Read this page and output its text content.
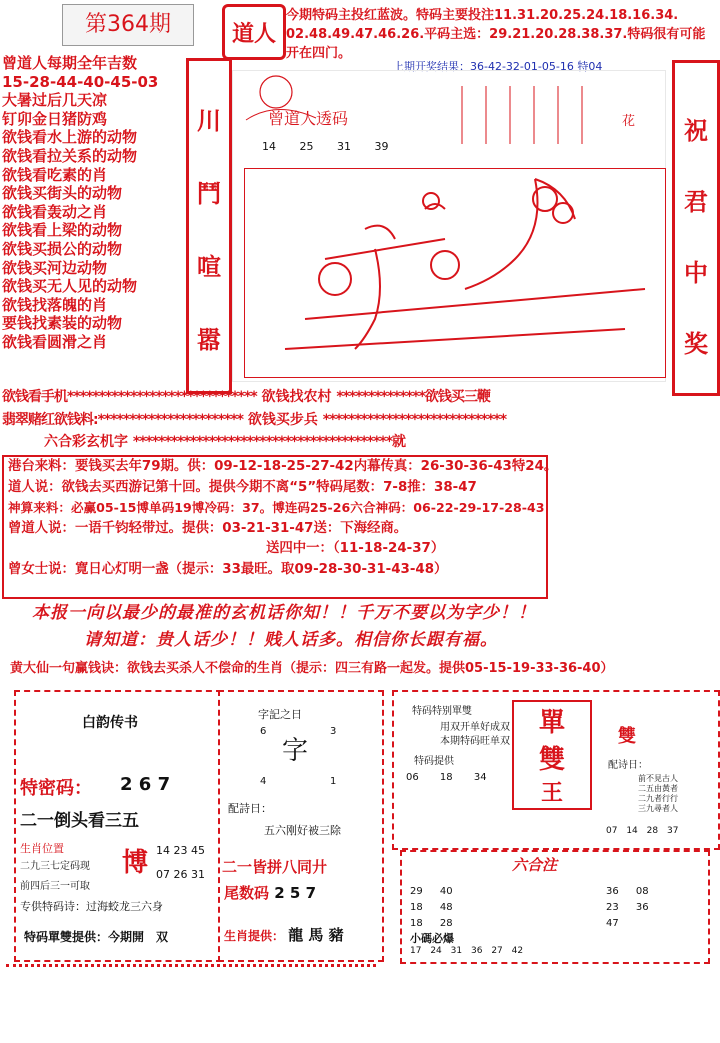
第364期	道人
今期特码主投红蓝波。特码主要投注11.31.20.25.24.18.16.34.
02.48.49.47.46.26.平码主选：29.21.20.28.38.37.特码很有可能
开在四门。
上期开奖结果：36-42-32-01-05-16 特04
曾道人每期全年吉数
15-28-44-40-45-03
大暑过后几天凉
钉卯金日猪防鸡
欲钱看水上游的动物
欲钱看拉关系的动物
欲钱看吃素的肖
欲钱买街头的动物
欲钱看轰动之肖
欲钱看上梁的动物
欲钱买损公的动物
欲钱买河边动物
欲钱买无人见的动物
欲钱找落魄的肖
要钱找素装的动物
欲钱看圆滑之肖
川
鬥
喧
嚣
祝
君
中
奖
曾道人透码
14 25 31 39
花
欲钱看手机****************************** 欲钱找农村 **************欲钱买三鞭
翡翠赌红欲钱料:*********************** 欲钱买步兵 *****************************
六合彩玄机字 *****************************************就
港台来料：要钱买去年79期。供：09-12-18-25-27-42内幕传真：26-30-36-43特24。
道人说：欲钱去买西游记第十回。提供今期不离“5”特码尾数：7-8推：38-47
神算来料：必赢05-15博单码19博冷码：37。博连码25-26六合神码：06-22-29-17-28-43
曾道人说：一语千钧轻带过。提供：03-21-31-47送：下海经商。
送四中一：（11-18-24-37）
曾女士说：寛日心灯明一盏（提示：33最旺。取09-28-30-31-43-48）
本报一向以最少的最准的玄机话你知！！千万不要以为字少！！
请知道：贵人话少！！贱人话多。相信你长跟有福。
黄大仙一句赢钱诀：欲钱去买杀人不偿命的生肖（提示：四三有路一起发。提供05-15-19-33-36-40）
白韵传书
特密码： 2 6 7
二一倒头看三五
生肖位置
二九三七定码现
前四后三一可取
博 14 23 45
07 26 31
专供特码诗：过海蛟龙三六身
特码單雙提供：今期開　双
字記之日
字
6	3
4	1
配詩日：
五六刚好被三除
二一皆拼八同廾
尾数码 2 5 7
生肖提供： 龍 馬 豬
特码特别單雙
用双开单好成双
本期特码旺单双
特码提供
06 18 34
單
雙
王
雙
配诗日：
前不見古人
二五由黃者
二九者行行
三九尋者人
07 14 28 37
六合注
29 40
18 48
18 28
36 08
23 36
47
小碼必爆
17 24 31 36 27 42
